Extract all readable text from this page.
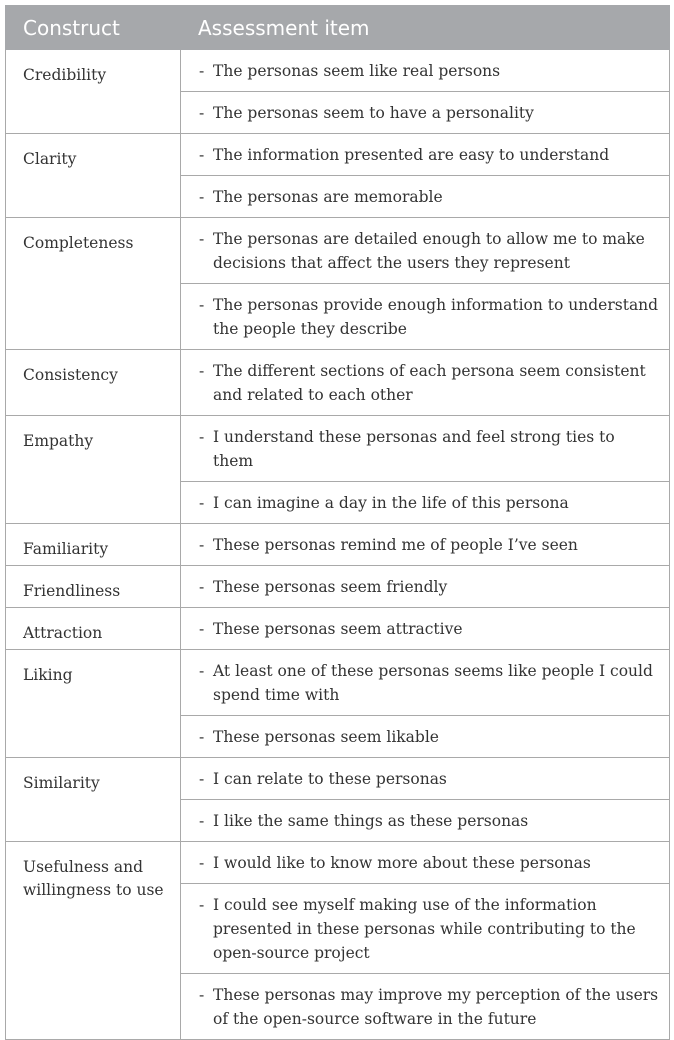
Construct	Assessment item
Credibility	- The personas seem like real persons

	- The personas seem to have a personality

Clarity	- The information presented are easy to understand

	- The personas are memorable

Completeness	- The personas are detailed enough to allow me to make decisions that affect the users they represent

	- The personas provide enough information to understand the people they describe

Consistency	- The different sections of each persona seem consistent and related to each other

Empathy	- I understand these personas and feel strong ties to them

	- I can imagine a day in the life of this persona

Familiarity	- These personas remind me of people I’ve seen

Friendliness	- These personas seem friendly

Attraction	- These personas seem attractive

Liking	- At least one of these personas seems like people I could spend time with

	- These personas seem likable

Similarity	- I can relate to these personas

	- I like the same things as these personas

Usefulness and willingness to use	- I would like to know more about these personas

	- I could see myself making use of the information presented in these personas while contributing to the open-source project

	- These personas may improve my perception of the users of the open-source software in the future
